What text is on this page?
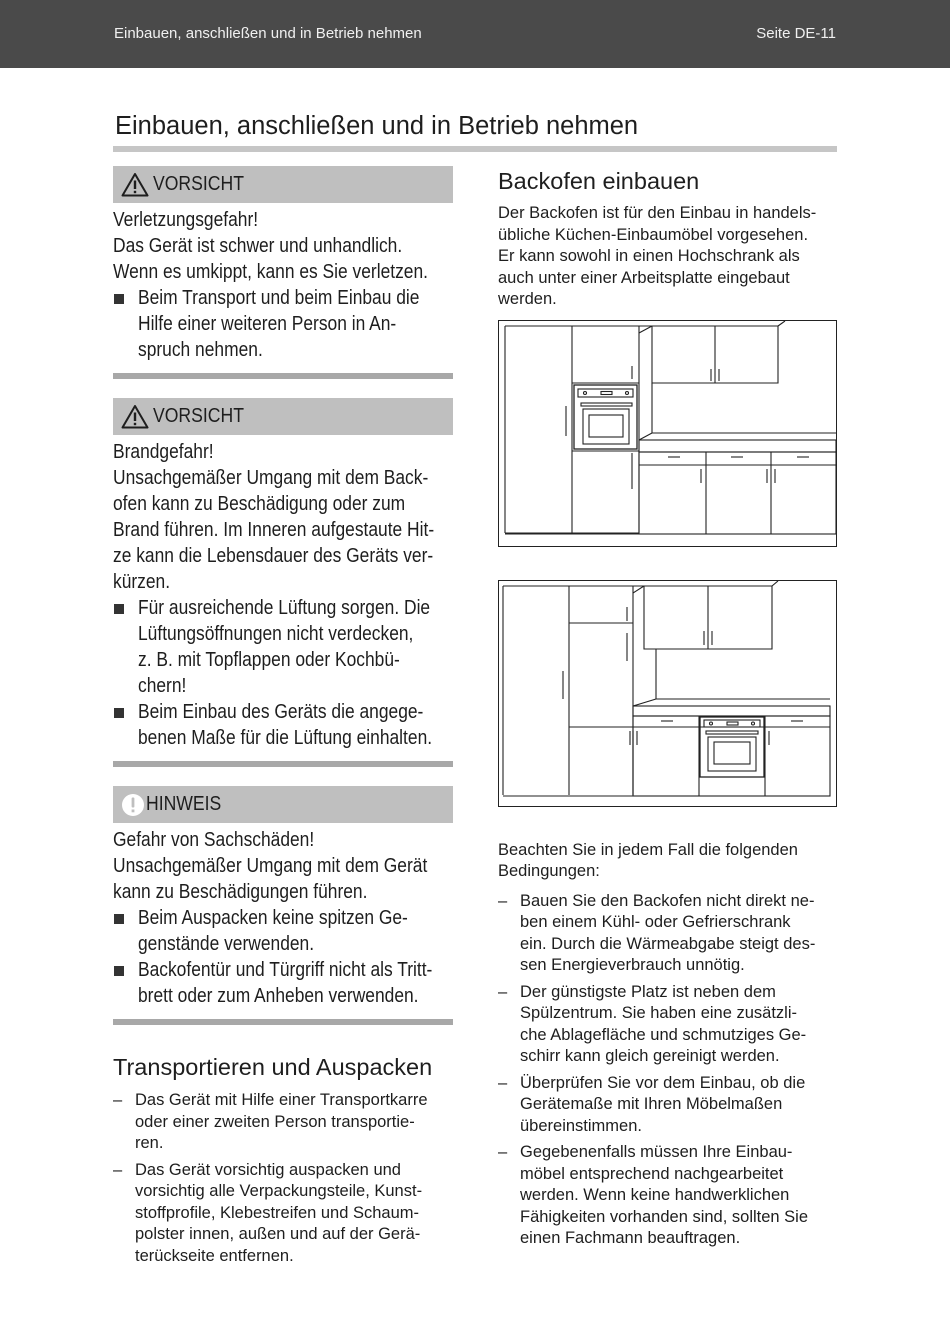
Einbauen, anschließen und in Betrieb nehmen	Seite DE-11
Einbauen, anschließen und in Betrieb nehmen
VORSICHT

Verletzungsgefahr!

Das Gerät ist schwer und unhandlich.

Wenn es umkippt, kann es Sie verletzen.

Beim Transport und beim Einbau die
Hilfe einer weiteren Person in An-
spruch nehmen.
VORSICHT

Brandgefahr!

Unsachgemäßer Umgang mit dem Back-

ofen kann zu Beschädigung oder zum

Brand führen. Im Inneren aufgestaute Hit-

ze kann die Lebensdauer des Geräts ver-

kürzen.

Für ausreichende Lüftung sorgen. Die
Lüftungsöffnungen nicht verdecken,
z. B. mit Topflappen oder Kochbü-
chern!
Beim Einbau des Geräts die angege-
benen Maße für die Lüftung einhalten.
HINWEIS

Gefahr von Sachschäden!

Unsachgemäßer Umgang mit dem Gerät

kann zu Beschädigungen führen.

Beim Auspacken keine spitzen Ge-
genstände verwenden.
Backofentür und Türgriff nicht als Tritt-
brett oder zum Anheben verwenden.
Transportieren und Auspacken
– Das Gerät mit Hilfe einer Transportkarre
oder einer zweiten Person transportie-
ren.
– Das Gerät vorsichtig auspacken und
vorsichtig alle Verpackungsteile, Kunst-
stoffprofile, Klebestreifen und Schaum-
polster innen, außen und auf der Gerä-
terückseite entfernen.
Backofen einbauen
Der Backofen ist für den Einbau in handels-
übliche Küchen-Einbaumöbel vorgesehen.
Er kann sowohl in einen Hochschrank als
auch unter einer Arbeitsplatte eingebaut
werden.
Beachten Sie in jedem Fall die folgenden
Bedingungen:
– Bauen Sie den Backofen nicht direkt ne-
ben einem Kühl- oder Gefrierschrank
ein. Durch die Wärmeabgabe steigt des-
sen Energieverbrauch unnötig.
– Der günstigste Platz ist neben dem
Spülzentrum. Sie haben eine zusätzli-
che Ablagefläche und schmutziges Ge-
schirr kann gleich gereinigt werden.
– Überprüfen Sie vor dem Einbau, ob die
Gerätemaße mit Ihren Möbelmaßen
übereinstimmen.
– Gegebenenfalls müssen Ihre Einbau-
möbel entsprechend nachgearbeitet
werden. Wenn keine handwerklichen
Fähigkeiten vorhanden sind, sollten Sie
einen Fachmann beauftragen.
